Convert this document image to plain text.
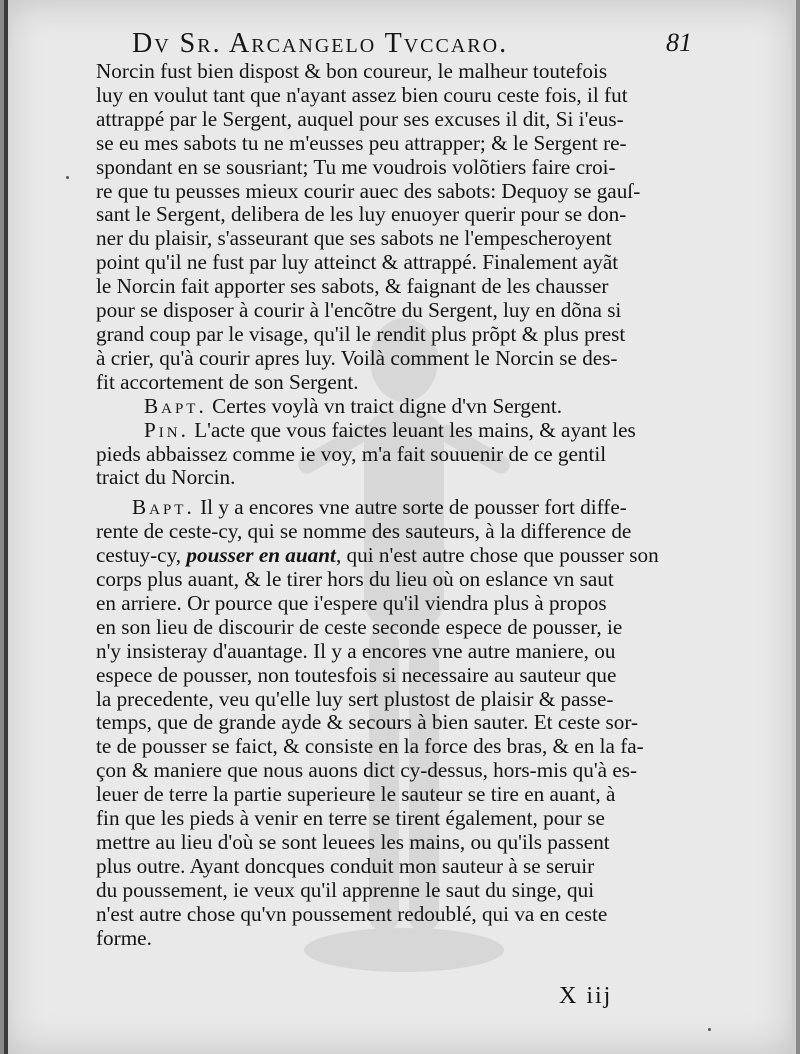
Dv Sr. Arcangelo Tvccaro.	81
Norcin fust bien dispost & bon coureur, le malheur toutefois
luy en voulut tant que n'ayant assez bien couru ceste fois, il fut
attrappé par le Sergent, auquel pour ses excuses il dit, Si i'eus-
se eu mes sabots tu ne m'eusses peu attrapper; & le Sergent re-
spondant en se sousriant; Tu me voudrois volõtiers faire croi-
re que tu peusses mieux courir auec des sabots: Dequoy se gauſ-
sant le Sergent, delibera de les luy enuoyer querir pour se don-
ner du plaisir, s'asseurant que ses sabots ne l'empescheroyent
point qu'il ne fust par luy atteinct & attrappé. Finalement ayãt
le Norcin fait apporter ses sabots, & faignant de les chausser
pour se disposer à courir à l'encõtre du Sergent, luy en dõna si
grand coup par le visage, qu'il le rendit plus prõpt & plus prest
à crier, qu'à courir apres luy. Voilà comment le Norcin se des-
fit accortement de son Sergent.
Bapt. Certes voylà vn traict digne d'vn Sergent.
Pin. L'acte que vous faictes leuant les mains, & ayant les
pieds abbaissez comme ie voy, m'a fait souuenir de ce gentil
traict du Norcin.
Bapt. Il y a encores vne autre sorte de pousser fort diffe-
rente de ceste-cy, qui se nomme des sauteurs, à la difference de
cestuy-cy, pousser en auant, qui n'est autre chose que pousser son
corps plus auant, & le tirer hors du lieu où on eslance vn saut
en arriere. Or pource que i'espere qu'il viendra plus à propos
en son lieu de discourir de ceste seconde espece de pousser, ie
n'y insisteray d'auantage. Il y a encores vne autre maniere, ou
espece de pousser, non toutesfois si necessaire au sauteur que
la precedente, veu qu'elle luy sert plustost de plaisir & passe-
temps, que de grande ayde & secours à bien sauter. Et ceste sor-
te de pousser se faict, & consiste en la force des bras, & en la fa-
çon & maniere que nous auons dict cy-dessus, hors-mis qu'à es-
leuer de terre la partie superieure le sauteur se tire en auant, à
fin que les pieds à venir en terre se tirent également, pour se
mettre au lieu d'où se sont leuees les mains, ou qu'ils passent
plus outre. Ayant doncques conduit mon sauteur à se seruir
du poussement, ie veux qu'il apprenne le saut du singe, qui
n'est autre chose qu'vn poussement redoublé, qui va en ceste
forme.
X iij
